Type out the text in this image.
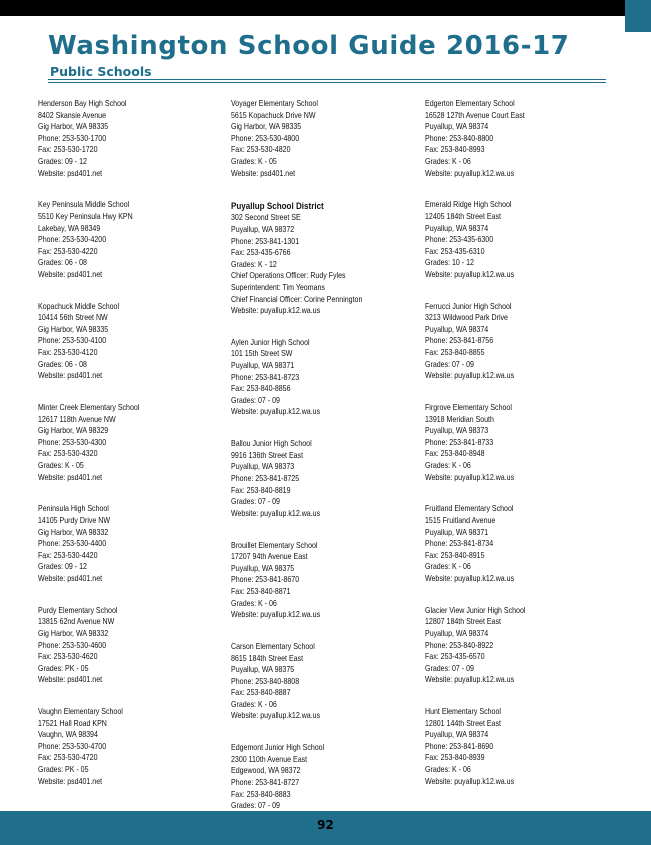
Washington School Guide 2016-17
Public Schools
Henderson Bay High School
8402 Skansie Avenue
Gig Harbor, WA 98335
Phone: 253-530-1700
Fax: 253-530-1720
Grades: 09 - 12
Website: psd401.net
Key Peninsula Middle School
5510 Key Peninsula Hwy KPN
Lakebay, WA 98349
Phone: 253-530-4200
Fax: 253-530-4220
Grades: 06 - 08
Website: psd401.net
Kopachuck Middle School
10414 56th Street NW
Gig Harbor, WA 98335
Phone: 253-530-4100
Fax: 253-530-4120
Grades: 06 - 08
Website: psd401.net
Minter Creek Elementary School
12617 118th Avenue NW
Gig Harbor, WA 98329
Phone: 253-530-4300
Fax: 253-530-4320
Grades: K - 05
Website: psd401.net
Peninsula High School
14105 Purdy Drive NW
Gig Harbor, WA 98332
Phone: 253-530-4400
Fax: 253-530-4420
Grades: 09 - 12
Website: psd401.net
Purdy Elementary School
13815 62nd Avenue NW
Gig Harbor, WA 98332
Phone: 253-530-4600
Fax: 253-530-4620
Grades: PK - 05
Website: psd401.net
Vaughn Elementary School
17521 Hall Road KPN
Vaughn, WA 98394
Phone: 253-530-4700
Fax: 253-530-4720
Grades: PK - 05
Website: psd401.net
Voyager Elementary School
5615 Kopachuck Drive NW
Gig Harbor, WA 98335
Phone: 253-530-4800
Fax: 253-530-4820
Grades: K - 05
Website: psd401.net
Puyallup School District
302 Second Street SE
Puyallup, WA 98372
Phone: 253-841-1301
Fax: 253-435-6766
Grades: K - 12
Chief Operations Officer: Rudy Fyles
Superintendent: Tim Yeomans
Chief Financial Officer: Corine Pennington
Website: puyallup.k12.wa.us
Aylen Junior High School
101 15th Street SW
Puyallup, WA 98371
Phone: 253-841-8723
Fax: 253-840-8856
Grades: 07 - 09
Website: puyallup.k12.wa.us
Ballou Junior High School
9916 136th Street East
Puyallup, WA 98373
Phone: 253-841-8725
Fax: 253-840-8819
Grades: 07 - 09
Website: puyallup.k12.wa.us
Brouillet Elementary School
17207 94th Avenue East
Puyallup, WA 98375
Phone: 253-841-8670
Fax: 253-840-8871
Grades: K - 06
Website: puyallup.k12.wa.us
Carson Elementary School
8615 184th Street East
Puyallup, WA 98375
Phone: 253-840-8808
Fax: 253-840-8887
Grades: K - 06
Website: puyallup.k12.wa.us
Edgemont Junior High School
2300 110th Avenue East
Edgewood, WA 98372
Phone: 253-841-8727
Fax: 253-840-8883
Grades: 07 - 09
Edgerton Elementary School
16528 127th Avenue Court East
Puyallup, WA 98374
Phone: 253-840-8800
Fax: 253-840-8993
Grades: K - 06
Website: puyallup.k12.wa.us
Emerald Ridge High School
12405 184th Street East
Puyallup, WA 98374
Phone: 253-435-6300
Fax: 253-435-6310
Grades: 10 - 12
Website: puyallup.k12.wa.us
Ferrucci Junior High School
3213 Wildwood Park Drive
Puyallup, WA 98374
Phone: 253-841-8756
Fax: 253-840-8855
Grades: 07 - 09
Website: puyallup.k12.wa.us
Firgrove Elementary School
13918 Meridian South
Puyallup, WA 98373
Phone: 253-841-8733
Fax: 253-840-8948
Grades: K - 06
Website: puyallup.k12.wa.us
Fruitland Elementary School
1515 Fruitland Avenue
Puyallup, WA 98371
Phone: 253-841-8734
Fax: 253-840-8915
Grades: K - 06
Website: puyallup.k12.wa.us
Glacier View Junior High School
12807 184th Street East
Puyallup, WA 98374
Phone: 253-840-8922
Fax: 253-435-6570
Grades: 07 - 09
Website: puyallup.k12.wa.us
Hunt Elementary School
12801 144th Street East
Puyallup, WA 98374
Phone: 253-841-8690
Fax: 253-840-8939
Grades: K - 06
Website: puyallup.k12.wa.us
92
